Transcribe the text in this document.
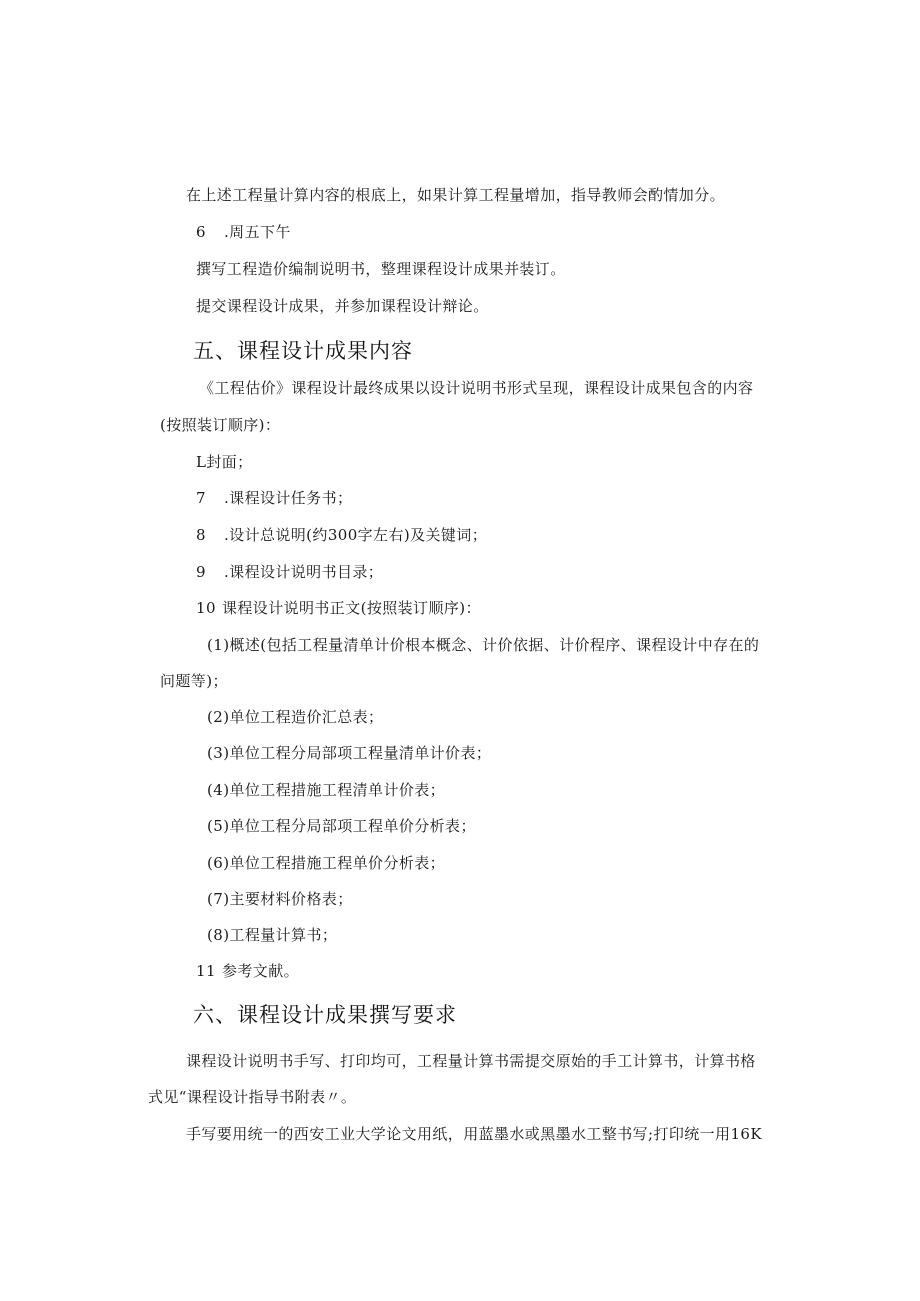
在上述工程量计算内容的根底上，如果计算工程量增加，指导教师会酌情加分。
6 .周五下午
撰写工程造价编制说明书，整理课程设计成果并装订。
提交课程设计成果，并参加课程设计辩论。
五、课程设计成果内容
《工程估价》课程设计最终成果以设计说明书形式呈现，课程设计成果包含的内容
(按照装订顺序)：
L封面；
7 .课程设计任务书；
8 .设计总说明(约300字左右)及关键词；
9 .课程设计说明书目录；
10 课程设计说明书正文(按照装订顺序)：
(1)概述(包括工程量清单计价根本概念、计价依据、计价程序、课程设计中存在的
问题等)；
(2)单位工程造价汇总表；
(3)单位工程分局部项工程量清单计价表；
(4)单位工程措施工程清单计价表；
(5)单位工程分局部项工程单价分析表；
(6)单位工程措施工程单价分析表；
(7)主要材料价格表；
(8)工程量计算书；
11 参考文献。
六、课程设计成果撰写要求
课程设计说明书手写、打印均可，工程量计算书需提交原始的手工计算书，计算书格
式见“课程设计指导书附表〃。
手写要用统一的西安工业大学论文用纸，用蓝墨水或黑墨水工整书写;打印统一用16K
